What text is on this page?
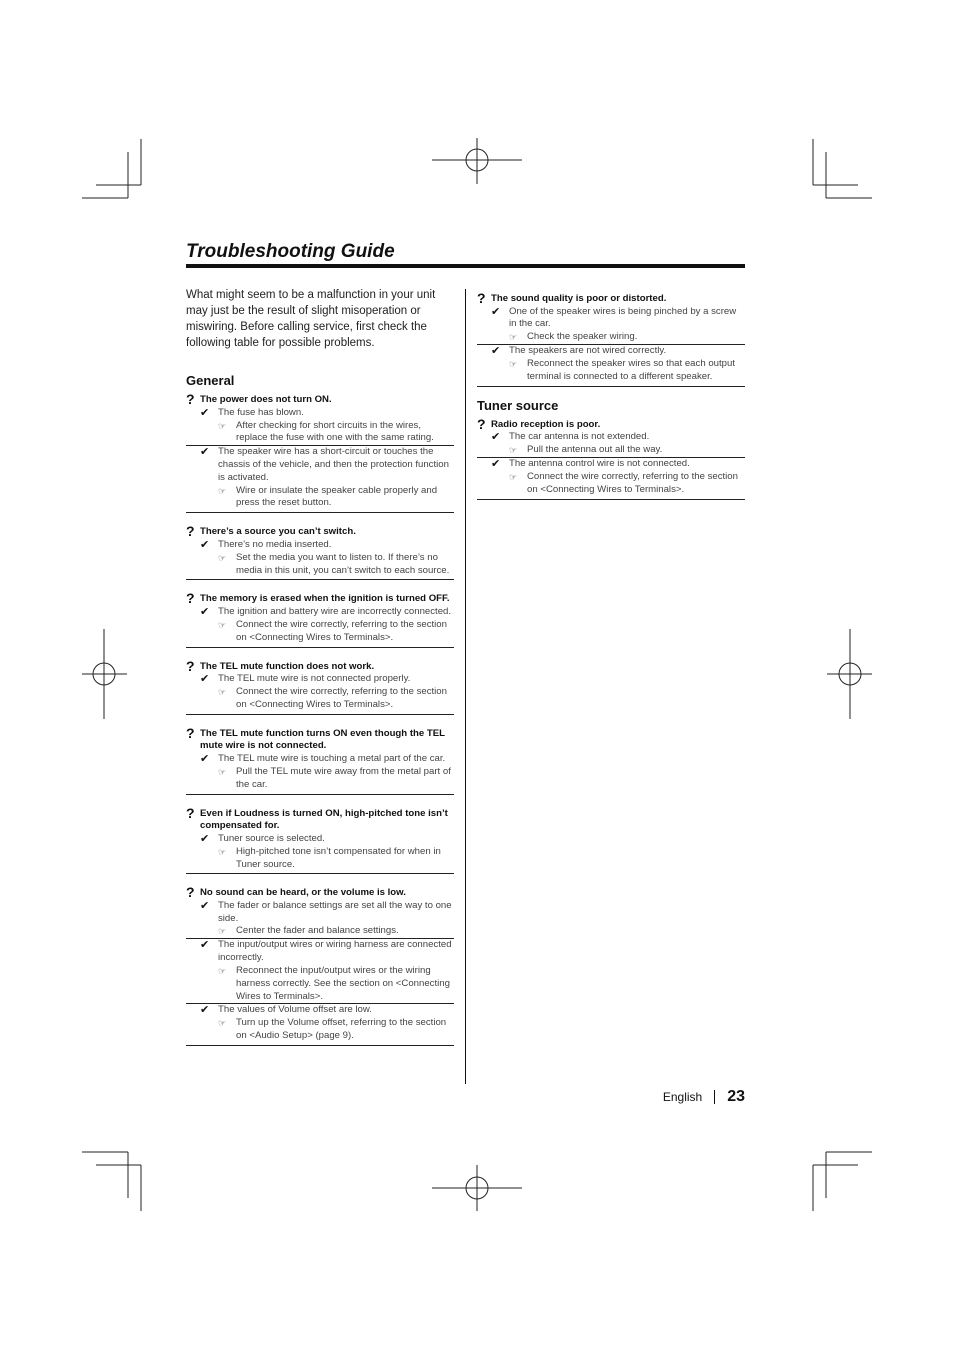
Troubleshooting Guide

What might seem to be a malfunction in your unit may just be the result of slight misoperation or miswiring. Before calling service, first check the following table for possible problems.

General
? The power does not turn ON.
✔ The fuse has blown.
☞	After checking for short circuits in the wires, replace the fuse with one with the same rating.
✔ The speaker wire has a short-circuit or touches the chassis of the vehicle, and then the protection function is activated.
☞	Wire or insulate the speaker cable properly and press the reset button.
? There’s a source you can’t switch.
✔ There’s no media inserted.
☞	Set the media you want to listen to. If there’s no media in this unit, you can’t switch to each source.
? The memory is erased when the ignition is turned OFF.
✔ The ignition and battery wire are incorrectly connected.
☞	Connect the wire correctly, referring to the section on <Connecting Wires to Terminals>.
? The TEL mute function does not work.
✔ The TEL mute wire is not connected properly.
☞	Connect the wire correctly, referring to the section on <Connecting Wires to Terminals>.
? The TEL mute function turns ON even though the TEL mute wire is not connected.
✔ The TEL mute wire is touching a metal part of the car.
☞	Pull the TEL mute wire away from the metal part of the car.
? Even if Loudness is turned ON, high-pitched tone isn’t compensated for.
✔ Tuner source is selected.
☞	High-pitched tone isn’t compensated for when in Tuner source.
? No sound can be heard, or the volume is low.
✔ The fader or balance settings are set all the way to one side.
☞	Center the fader and balance settings.
✔ The input/output wires or wiring harness are connected incorrectly.
☞	Reconnect the input/output wires or the wiring harness correctly. See the section on <Connecting Wires to Terminals>.
✔ The values of Volume offset are low.
☞	Turn up the Volume offset, referring to the section on <Audio Setup> (page 9).
? The sound quality is poor or distorted.
✔ One of the speaker wires is being pinched by a screw in the car.
☞	Check the speaker wiring.
✔ The speakers are not wired correctly.
☞	Reconnect the speaker wires so that each output terminal is connected to a different speaker.
Tuner source
? Radio reception is poor.
✔ The car antenna is not extended.
☞	Pull the antenna out all the way.
✔ The antenna control wire is not connected.
☞	Connect the wire correctly, referring to the section on <Connecting Wires to Terminals>.
English 23
